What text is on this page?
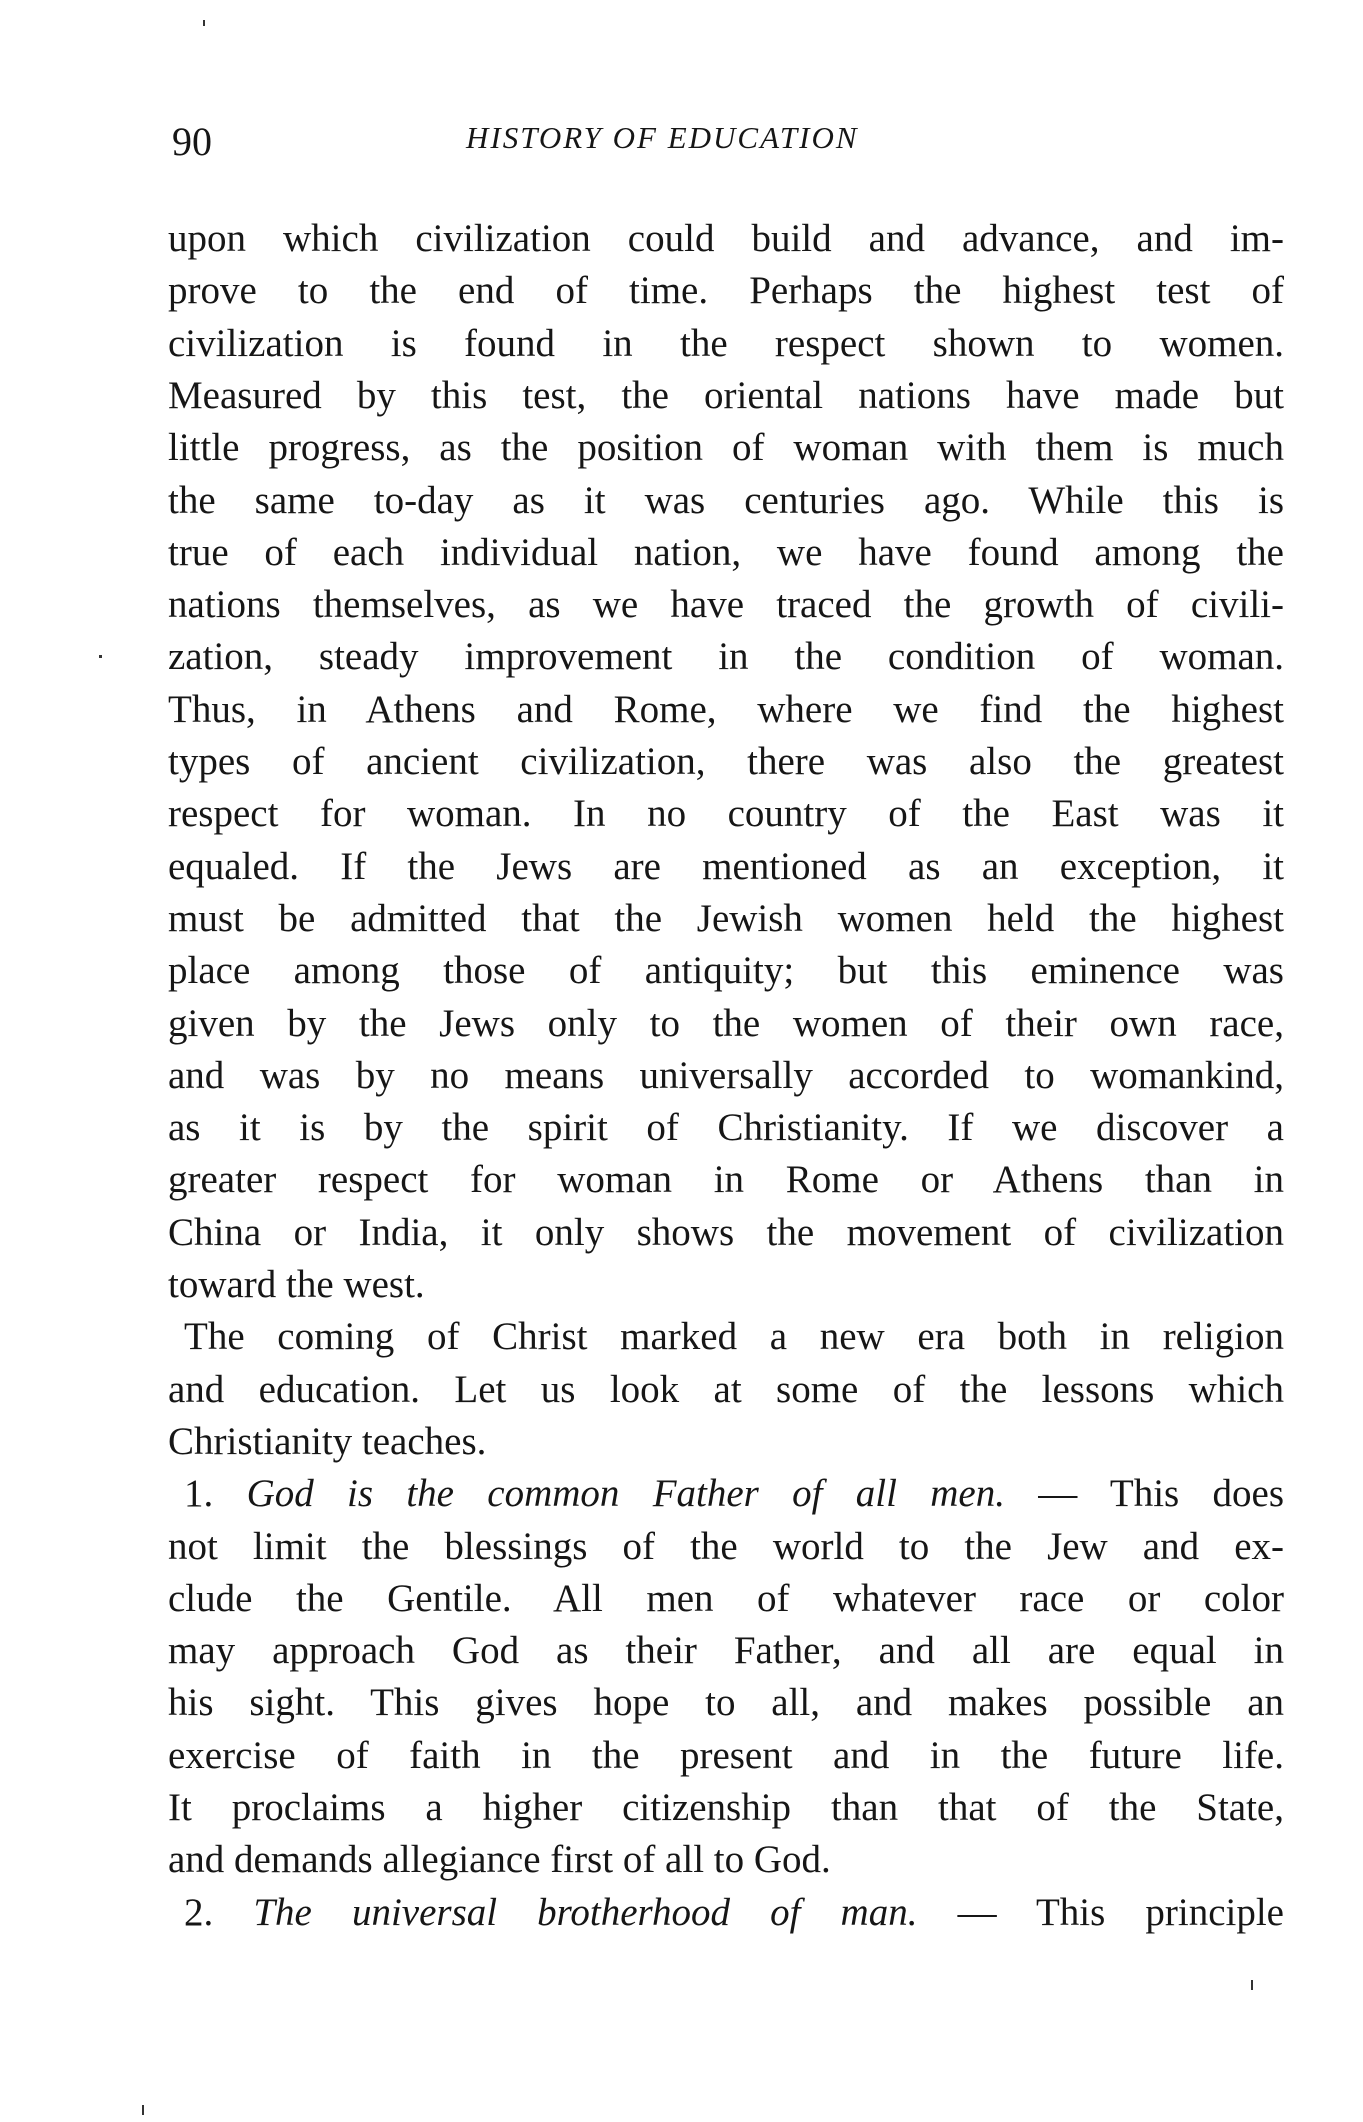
90	HISTORY OF EDUCATION
upon which civilization could build and advance, and im-
prove to the end of time. Perhaps the highest test of
civilization is found in the respect shown to women.
Measured by this test, the oriental nations have made but
little progress, as the position of woman with them is much
the same to-day as it was centuries ago. While this is
true of each individual nation, we have found among the
nations themselves, as we have traced the growth of civili-
zation, steady improvement in the condition of woman.
Thus, in Athens and Rome, where we find the highest
types of ancient civilization, there was also the greatest
respect for woman. In no country of the East was it
equaled. If the Jews are mentioned as an exception, it
must be admitted that the Jewish women held the highest
place among those of antiquity; but this eminence was
given by the Jews only to the women of their own race,
and was by no means universally accorded to womankind,
as it is by the spirit of Christianity. If we discover a
greater respect for woman in Rome or Athens than in
China or India, it only shows the movement of civilization
toward the west.
The coming of Christ marked a new era both in religion
and education. Let us look at some of the lessons which
Christianity teaches.
1. God is the common Father of all men. — This does
not limit the blessings of the world to the Jew and ex-
clude the Gentile. All men of whatever race or color
may approach God as their Father, and all are equal in
his sight. This gives hope to all, and makes possible an
exercise of faith in the present and in the future life.
It proclaims a higher citizenship than that of the State,
and demands allegiance first of all to God.
2. The universal brotherhood of man. — This principle
